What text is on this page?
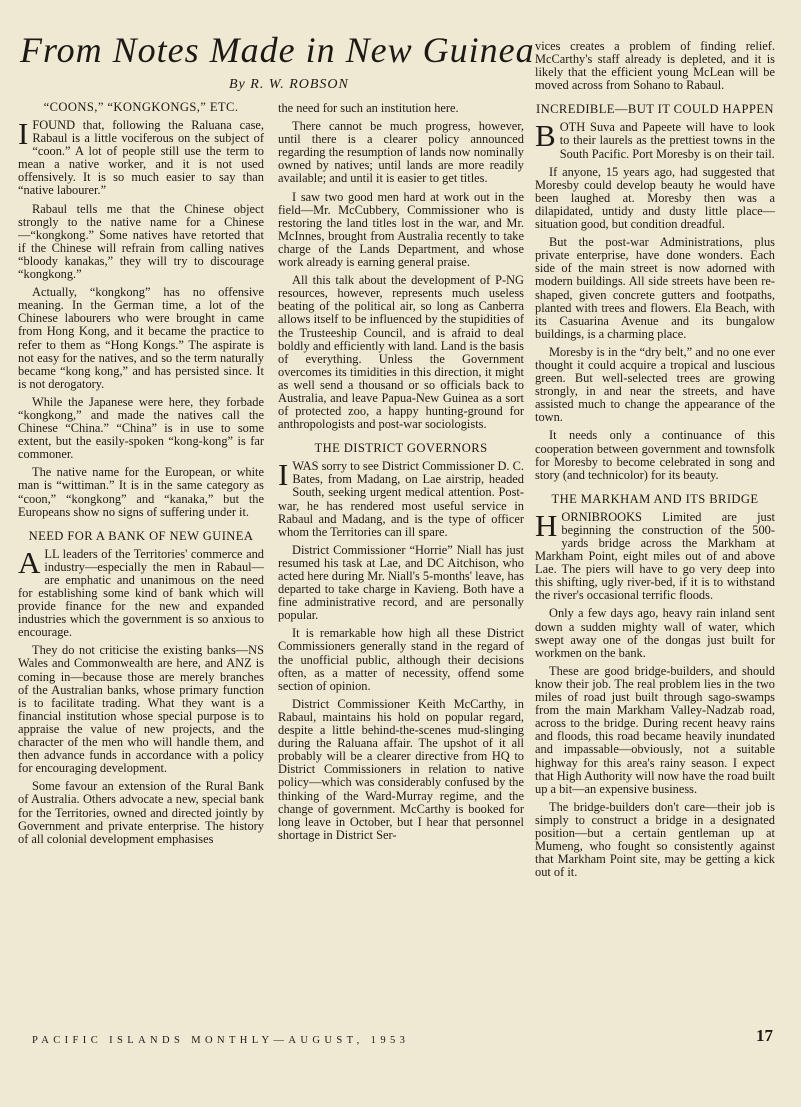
From Notes Made in New Guinea

By R. W. ROBSON

“COONS,” “KONGKONGS,” ETC.

IFOUND that, following the Raluana case, Rabaul is a little vociferous on the subject of “coon.” A lot of people still use the term to mean a native worker, and it is not used offensively. It is so much easier to say than “native labourer.”

Rabaul tells me that the Chinese object strongly to the native name for a Chinese—“kongkong.” Some natives have retorted that if the Chinese will refrain from calling natives “bloody kanakas,” they will try to discourage “kongkong.”

Actually, “kongkong” has no offensive meaning. In the German time, a lot of the Chinese labourers who were brought in came from Hong Kong, and it became the practice to refer to them as “Hong Kongs.” The aspirate is not easy for the natives, and so the term naturally became “kong kong,” and has persisted since. It is not derogatory.

While the Japanese were here, they forbade “kongkong,” and made the natives call the Chinese “China.” “China” is in use to some extent, but the easily-spoken “kong-kong” is far commoner.

The native name for the European, or white man is “wittiman.” It is in the same category as “coon,” “kongkong” and “kanaka,” but the Europeans show no signs of suffering under it.

NEED FOR A BANK OF NEW GUINEA

ALL leaders of the Territories' commerce and industry—especially the men in Rabaul—are emphatic and unanimous on the need for establishing some kind of bank which will provide finance for the new and expanded industries which the government is so anxious to encourage.

They do not criticise the existing banks—NS Wales and Commonwealth are here, and ANZ is coming in—because those are merely branches of the Australian banks, whose primary function is to facilitate trading. What they want is a financial institution whose special purpose is to appraise the value of new projects, and the character of the men who will handle them, and then advance funds in accordance with a policy for encouraging development.

Some favour an extension of the Rural Bank of Australia. Others advocate a new, special bank for the Territories, owned and directed jointly by Government and private enterprise. The history of all colonial development emphasises

the need for such an institution here.

There cannot be much progress, however, until there is a clearer policy announced regarding the resumption of lands now nominally owned by natives; until lands are more readily available; and until it is easier to get titles.

I saw two good men hard at work out in the field—Mr. McCubbery, Commissioner who is restoring the land titles lost in the war, and Mr. McInnes, brought from Australia recently to take charge of the Lands Department, and whose work already is earning general praise.

All this talk about the development of P-NG resources, however, represents much useless beating of the political air, so long as Canberra allows itself to be influenced by the stupidities of the Trusteeship Council, and is afraid to deal boldly and efficiently with land. Land is the basis of everything. Unless the Government overcomes its timidities in this direction, it might as well send a thousand or so officials back to Australia, and leave Papua-New Guinea as a sort of protected zoo, a happy hunting-ground for anthropologists and post-war sociologists.

THE DISTRICT GOVERNORS

IWAS sorry to see District Commissioner D. C. Bates, from Madang, on Lae airstrip, headed South, seeking urgent medical attention. Post-war, he has rendered most useful service in Rabaul and Madang, and is the type of officer whom the Territories can ill spare.

District Commissioner “Horrie” Niall has just resumed his task at Lae, and DC Aitchison, who acted here during Mr. Niall's 5-months' leave, has departed to take charge in Kavieng. Both have a fine administrative record, and are personally popular.

It is remarkable how high all these District Commissioners generally stand in the regard of the unofficial public, although their decisions often, as a matter of necessity, offend some section of opinion.

District Commissioner Keith McCarthy, in Rabaul, maintains his hold on popular regard, despite a little behind-the-scenes mud-slinging during the Raluana affair. The upshot of it all probably will be a clearer directive from HQ to District Commissioners in relation to native policy—which was considerably confused by the thinking of the Ward-Murray regime, and the change of government. McCarthy is booked for long leave in October, but I hear that personnel shortage in District Ser-

vices creates a problem of finding relief. McCarthy's staff already is depleted, and it is likely that the efficient young McLean will be moved across from Sohano to Rabaul.

INCREDIBLE—BUT IT COULD HAPPEN

BOTH Suva and Papeete will have to look to their laurels as the prettiest towns in the South Pacific. Port Moresby is on their tail.

If anyone, 15 years ago, had suggested that Moresby could develop beauty he would have been laughed at. Moresby then was a dilapidated, untidy and dusty little place—situation good, but condition dreadful.

But the post-war Administrations, plus private enterprise, have done wonders. Each side of the main street is now adorned with modern buildings. All side streets have been re-shaped, given concrete gutters and footpaths, planted with trees and flowers. Ela Beach, with its Casuarina Avenue and its bungalow buildings, is a charming place.

Moresby is in the “dry belt,” and no one ever thought it could acquire a tropical and luscious green. But well-selected trees are growing strongly, in and near the streets, and have assisted much to change the appearance of the town.

It needs only a continuance of this cooperation between government and townsfolk for Moresby to become celebrated in song and story (and technicolor) for its beauty.

THE MARKHAM AND ITS BRIDGE

HORNIBROOKS Limited are just beginning the construction of the 500-yards bridge across the Markham at Markham Point, eight miles out of and above Lae. The piers will have to go very deep into this shifting, ugly river-bed, if it is to withstand the river's occasional terrific floods.

Only a few days ago, heavy rain inland sent down a sudden mighty wall of water, which swept away one of the dongas just built for workmen on the bank.

These are good bridge-builders, and should know their job. The real problem lies in the two miles of road just built through sago-swamps from the main Markham Valley-Nadzab road, across to the bridge. During recent heavy rains and floods, this road became heavily inundated and impassable—obviously, not a suitable highway for this area's rainy season. I expect that High Authority will now have the road built up a bit—an expensive business.

The bridge-builders don't care—their job is simply to construct a bridge in a designated position—but a certain gentleman up at Mumeng, who fought so consistently against that Markham Point site, may be getting a kick out of it.

PACIFIC ISLANDS MONTHLY—AUGUST, 1953	17
